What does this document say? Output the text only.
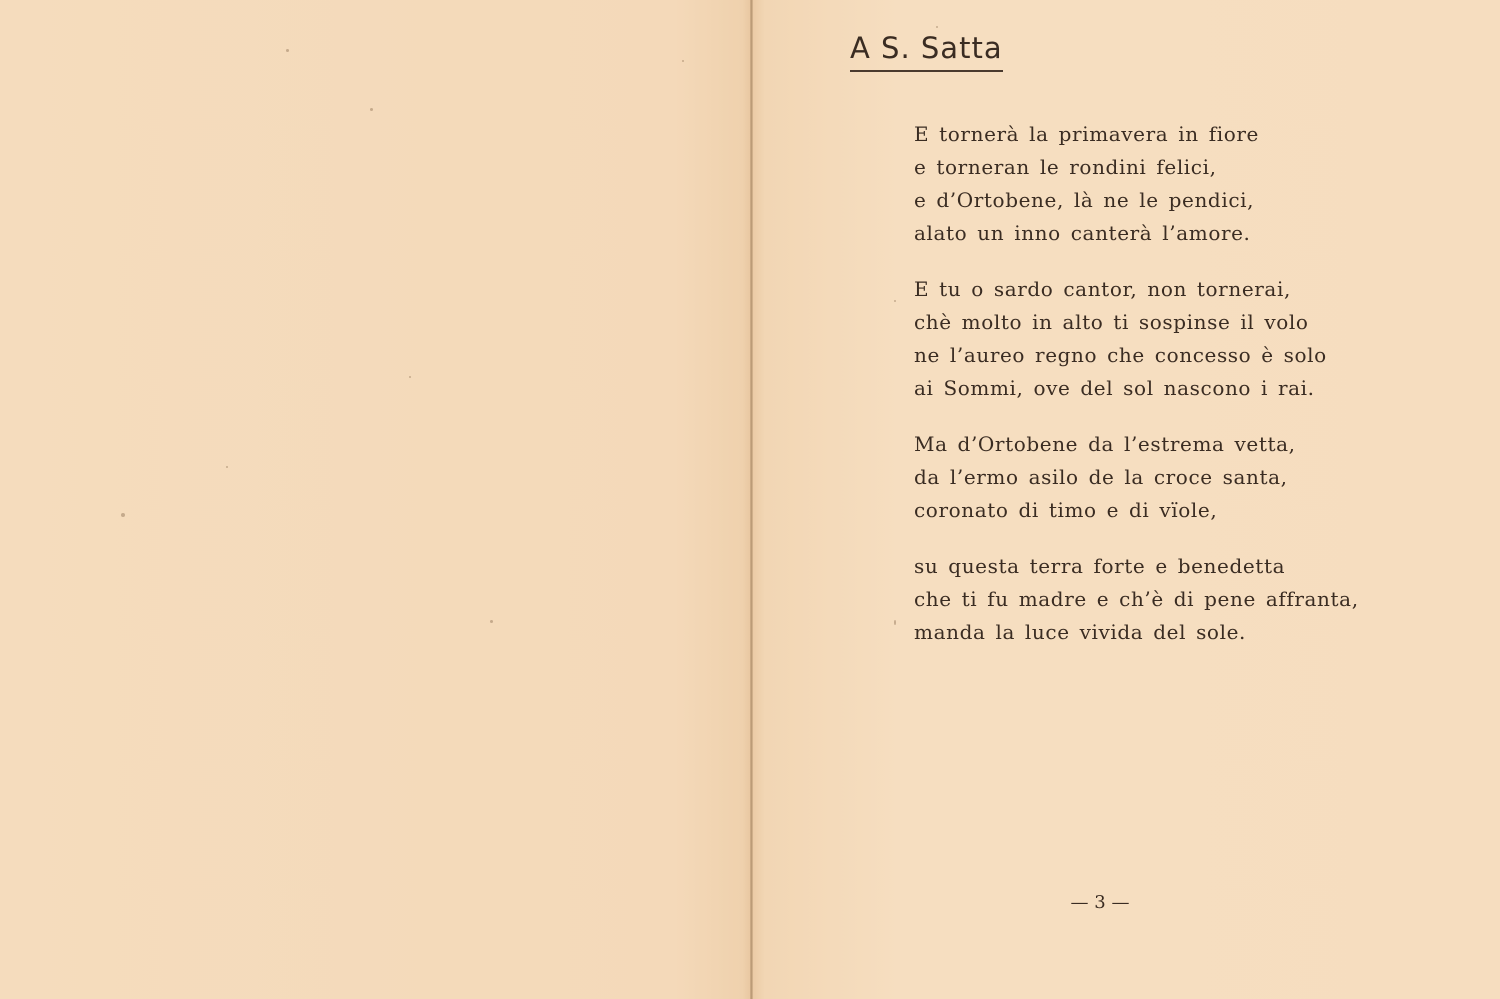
A S. Satta
E tornerà la primavera in fiore
e torneran le rondini felici,
e d’Ortobene, là ne le pendici,
alato un inno canterà l’amore.
E tu o sardo cantor, non tornerai,
chè molto in alto ti sospinse il volo
ne l’aureo regno che concesso è solo
ai Sommi, ove del sol nascono i rai.
Ma d’Ortobene da l’estrema vetta,
da l’ermo asilo de la croce santa,
coronato di timo e di vïole,
su questa terra forte e benedetta
che ti fu madre e ch’è di pene affranta,
manda la luce vivida del sole.

— 3 —
